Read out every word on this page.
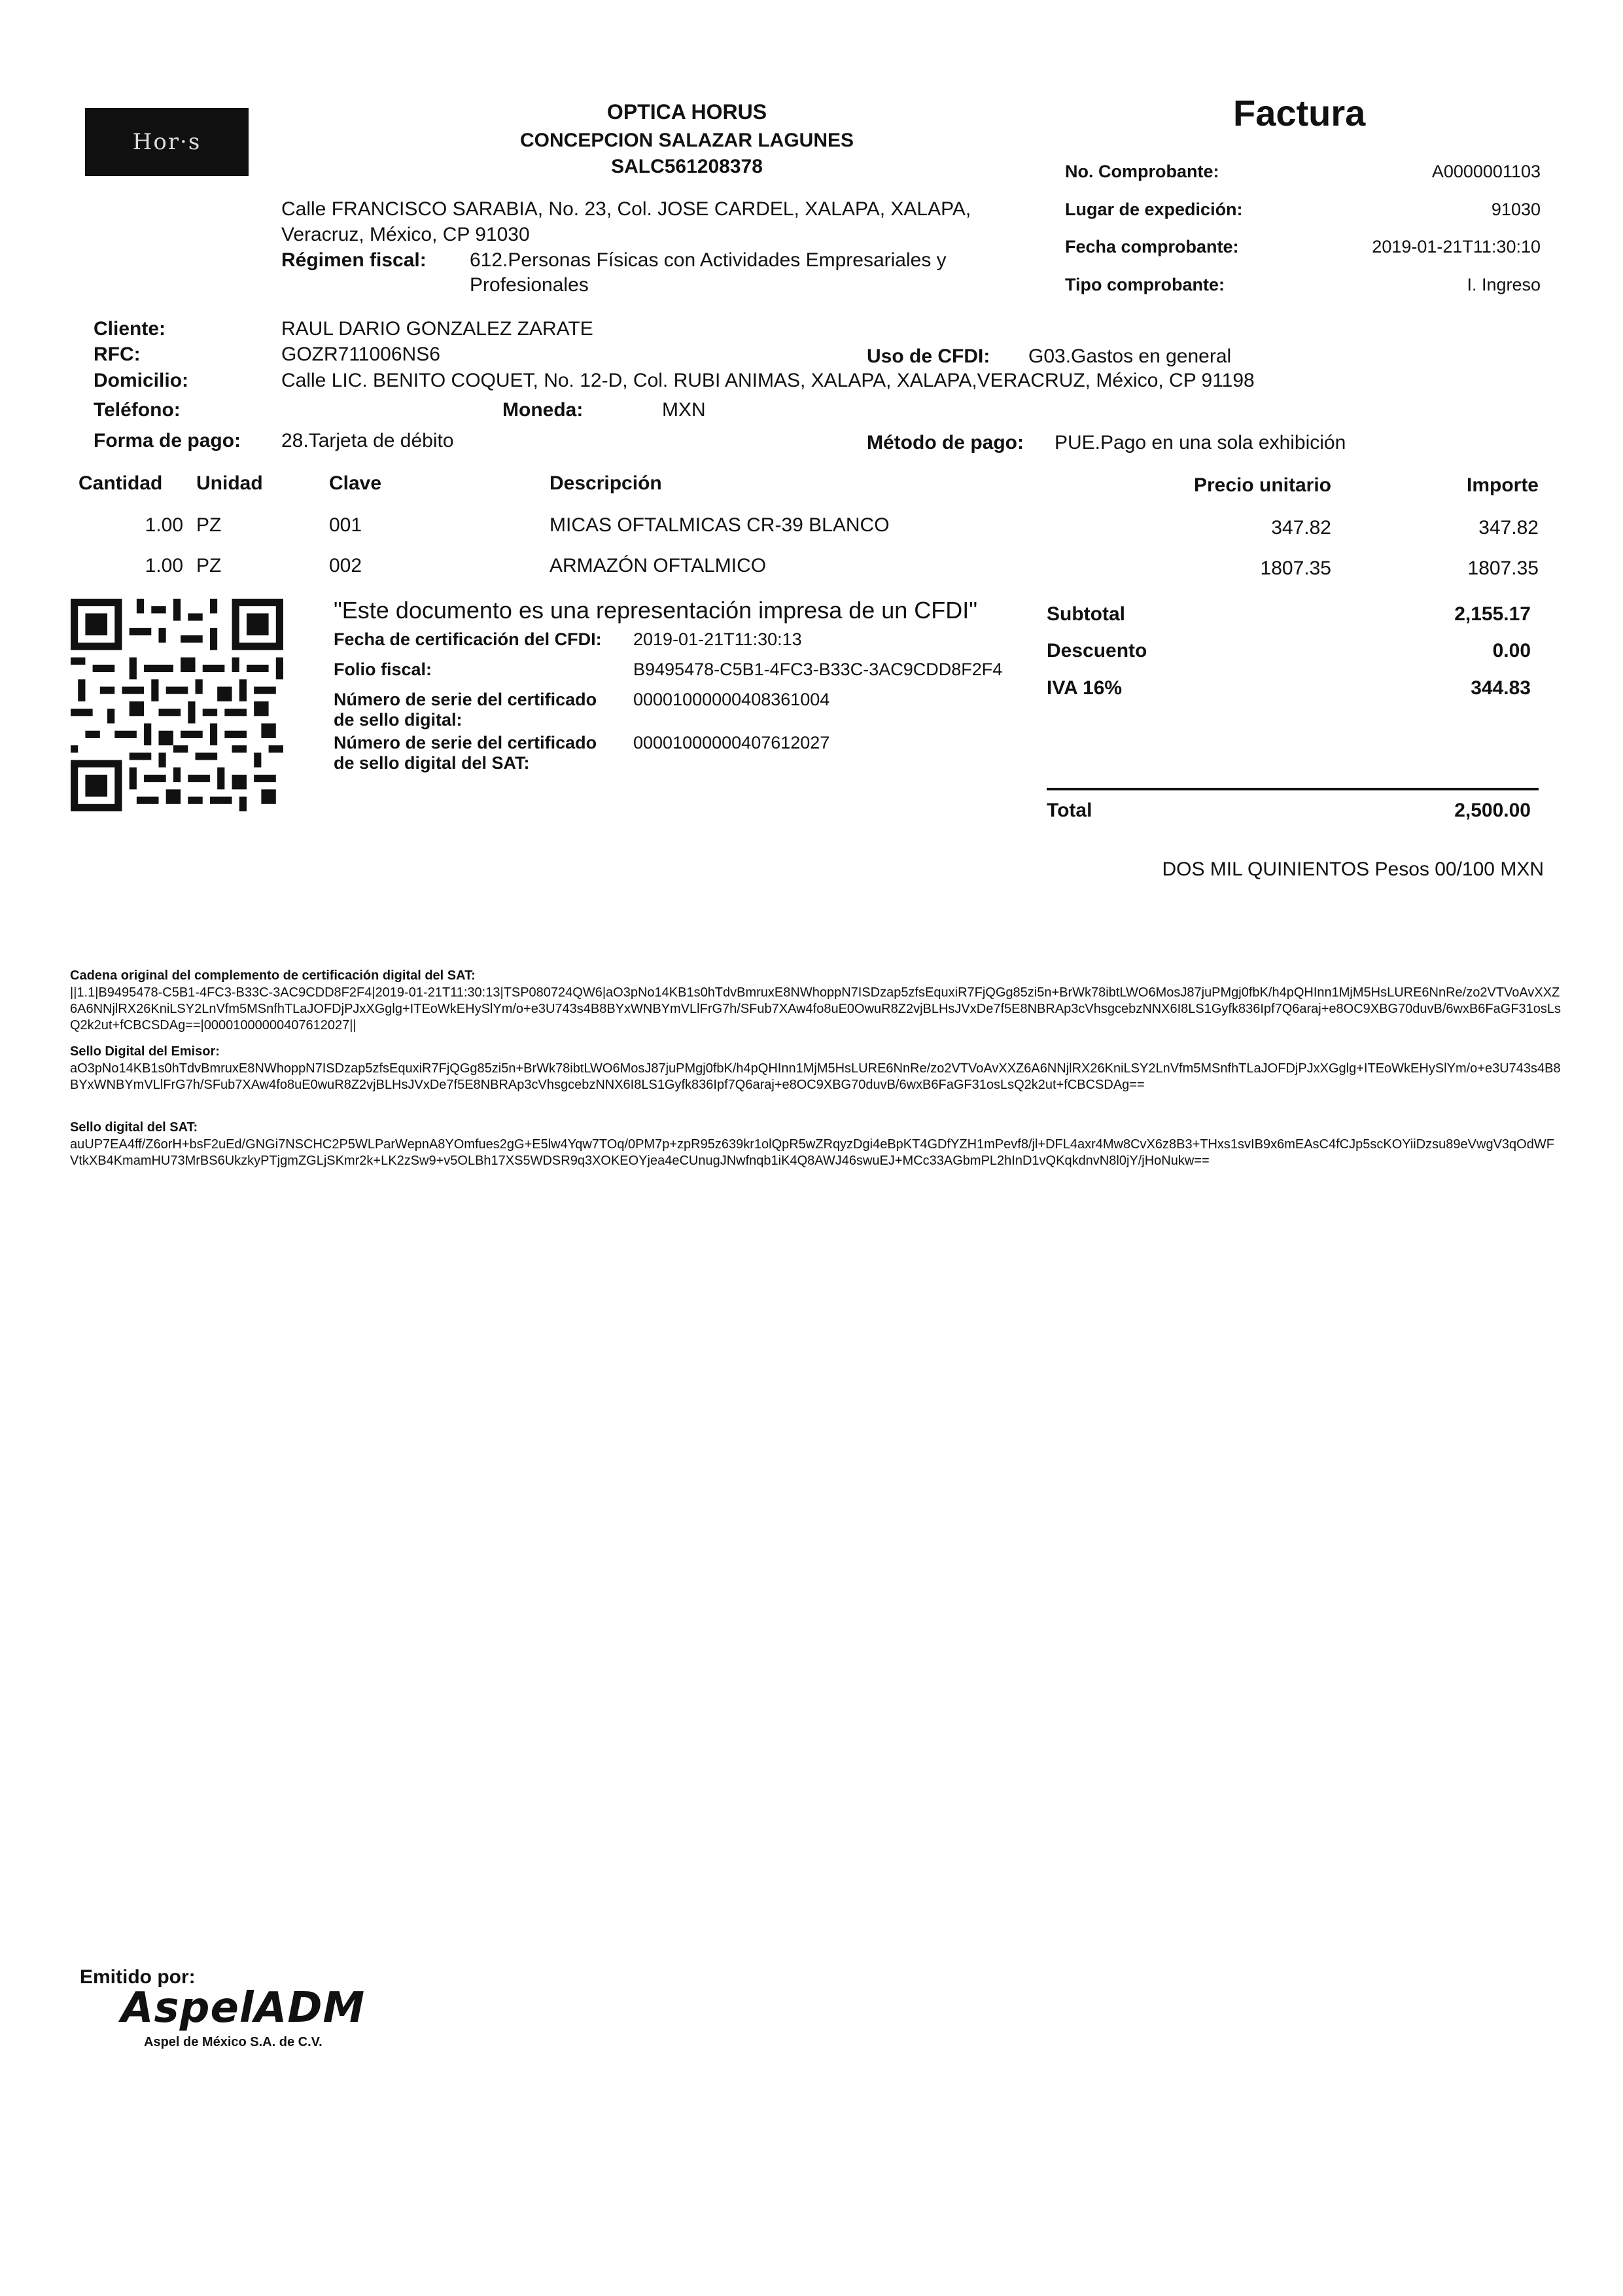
Hor·s
OPTICA HORUS
CONCEPCION SALAZAR LAGUNES
SALC561208378
Calle FRANCISCO SARABIA, No. 23, Col. JOSE CARDEL, XALAPA, XALAPA,
Veracruz, México, CP 91030
Régimen fiscal: 612.Personas Físicas con Actividades Empresariales y
Profesionales
Factura
No. Comprobante:	A0000001103
Lugar de expedición:	91030
Fecha comprobante:	2019-01-21T11:30:10
Tipo comprobante:	I. Ingreso
Cliente:	RAUL DARIO GONZALEZ ZARATE
RFC:	GOZR711006NS6	Uso de CFDI: G03.Gastos en general
Domicilio:	Calle LIC. BENITO COQUET, No. 12-D, Col. RUBI ANIMAS, XALAPA, XALAPA,VERACRUZ, México, CP 91198
Teléfono:	Moneda:	MXN
Forma de pago: 28.Tarjeta de débito	Método de pago: PUE.Pago en una sola exhibición
Cantidad Unidad	Clave	Descripción	Precio unitario	Importe
1.00 PZ	001	MICAS OFTALMICAS CR-39 BLANCO	347.82	347.82
1.00 PZ	002	ARMAZÓN OFTALMICO	1807.35	1807.35
"Este documento es una representación impresa de un CFDI"
Fecha de certificación del CFDI: 2019-01-21T11:30:13
Folio fiscal:	B9495478-C5B1-4FC3-B33C-3AC9CDD8F2F4
Número de serie del certificado
de sello digital:
00001000000408361004
Número de serie del certificado
de sello digital del SAT:
00001000000407612027
Subtotal	2,155.17
Descuento	0.00
IVA 16%	344.83
Total	2,500.00
DOS MIL QUINIENTOS Pesos 00/100 MXN
Cadena original del complemento de certificación digital del SAT:
||1.1|B9495478-C5B1-4FC3-B33C-3AC9CDD8F2F4|2019-01-21T11:30:13|TSP080724QW6|aO3pNo14KB1s0hTdvBmruxE8NWhoppN7ISDzap5zfsEquxiR7FjQGg85zi5n+BrWk78ibtLWO6MosJ87juPMgj0fbK/h4pQHInn1MjM5HsLURE6NnRe/zo2VTVoAvXXZ6A6NNjlRX26KniLSY2LnVfm5MSnfhTLaJOFDjPJxXGglg+ITEoWkEHySlYm/o+e3U743s4B8BYxWNBYmVLlFrG7h/SFub7XAw4fo8uE0OwuR8Z2vjBLHsJVxDe7f5E8NBRAp3cVhsgcebzNNX6I8LS1Gyfk836Ipf7Q6araj+e8OC9XBG70duvB/6wxB6FaGF31osLsQ2k2ut+fCBCSDAg==|00001000000407612027||
Sello Digital del Emisor:
aO3pNo14KB1s0hTdvBmruxE8NWhoppN7ISDzap5zfsEquxiR7FjQGg85zi5n+BrWk78ibtLWO6MosJ87juPMgj0fbK/h4pQHInn1MjM5HsLURE6NnRe/zo2VTVoAvXXZ6A6NNjlRX26KniLSY2LnVfm5MSnfhTLaJOFDjPJxXGglg+ITEoWkEHySlYm/o+e3U743s4B8BYxWNBYmVLlFrG7h/SFub7XAw4fo8uE0wuR8Z2vjBLHsJVxDe7f5E8NBRAp3cVhsgcebzNNX6I8LS1Gyfk836Ipf7Q6araj+e8OC9XBG70duvB/6wxB6FaGF31osLsQ2k2ut+fCBCSDAg==
Sello digital del SAT:
auUP7EA4ff/Z6orH+bsF2uEd/GNGi7NSCHC2P5WLParWepnA8YOmfues2gG+E5lw4Yqw7TOq/0PM7p+zpR95z639kr1olQpR5wZRqyzDgi4eBpKT4GDfYZH1mPevf8/jl+DFL4axr4Mw8CvX6z8B3+THxs1svIB9x6mEAsC4fCJp5scKOYiiDzsu89eVwgV3qOdWFVtkXB4KmamHU73MrBS6UkzkyPTjgmZGLjSKmr2k+LK2zSw9+v5OLBh17XS5WDSR9q3XOKEOYjea4eCUnugJNwfnqb1iK4Q8AWJ46swuEJ+MCc33AGbmPL2hInD1vQKqkdnvN8l0jY/jHoNukw==
Emitido por:
AspelADM
Aspel de México S.A. de C.V.
